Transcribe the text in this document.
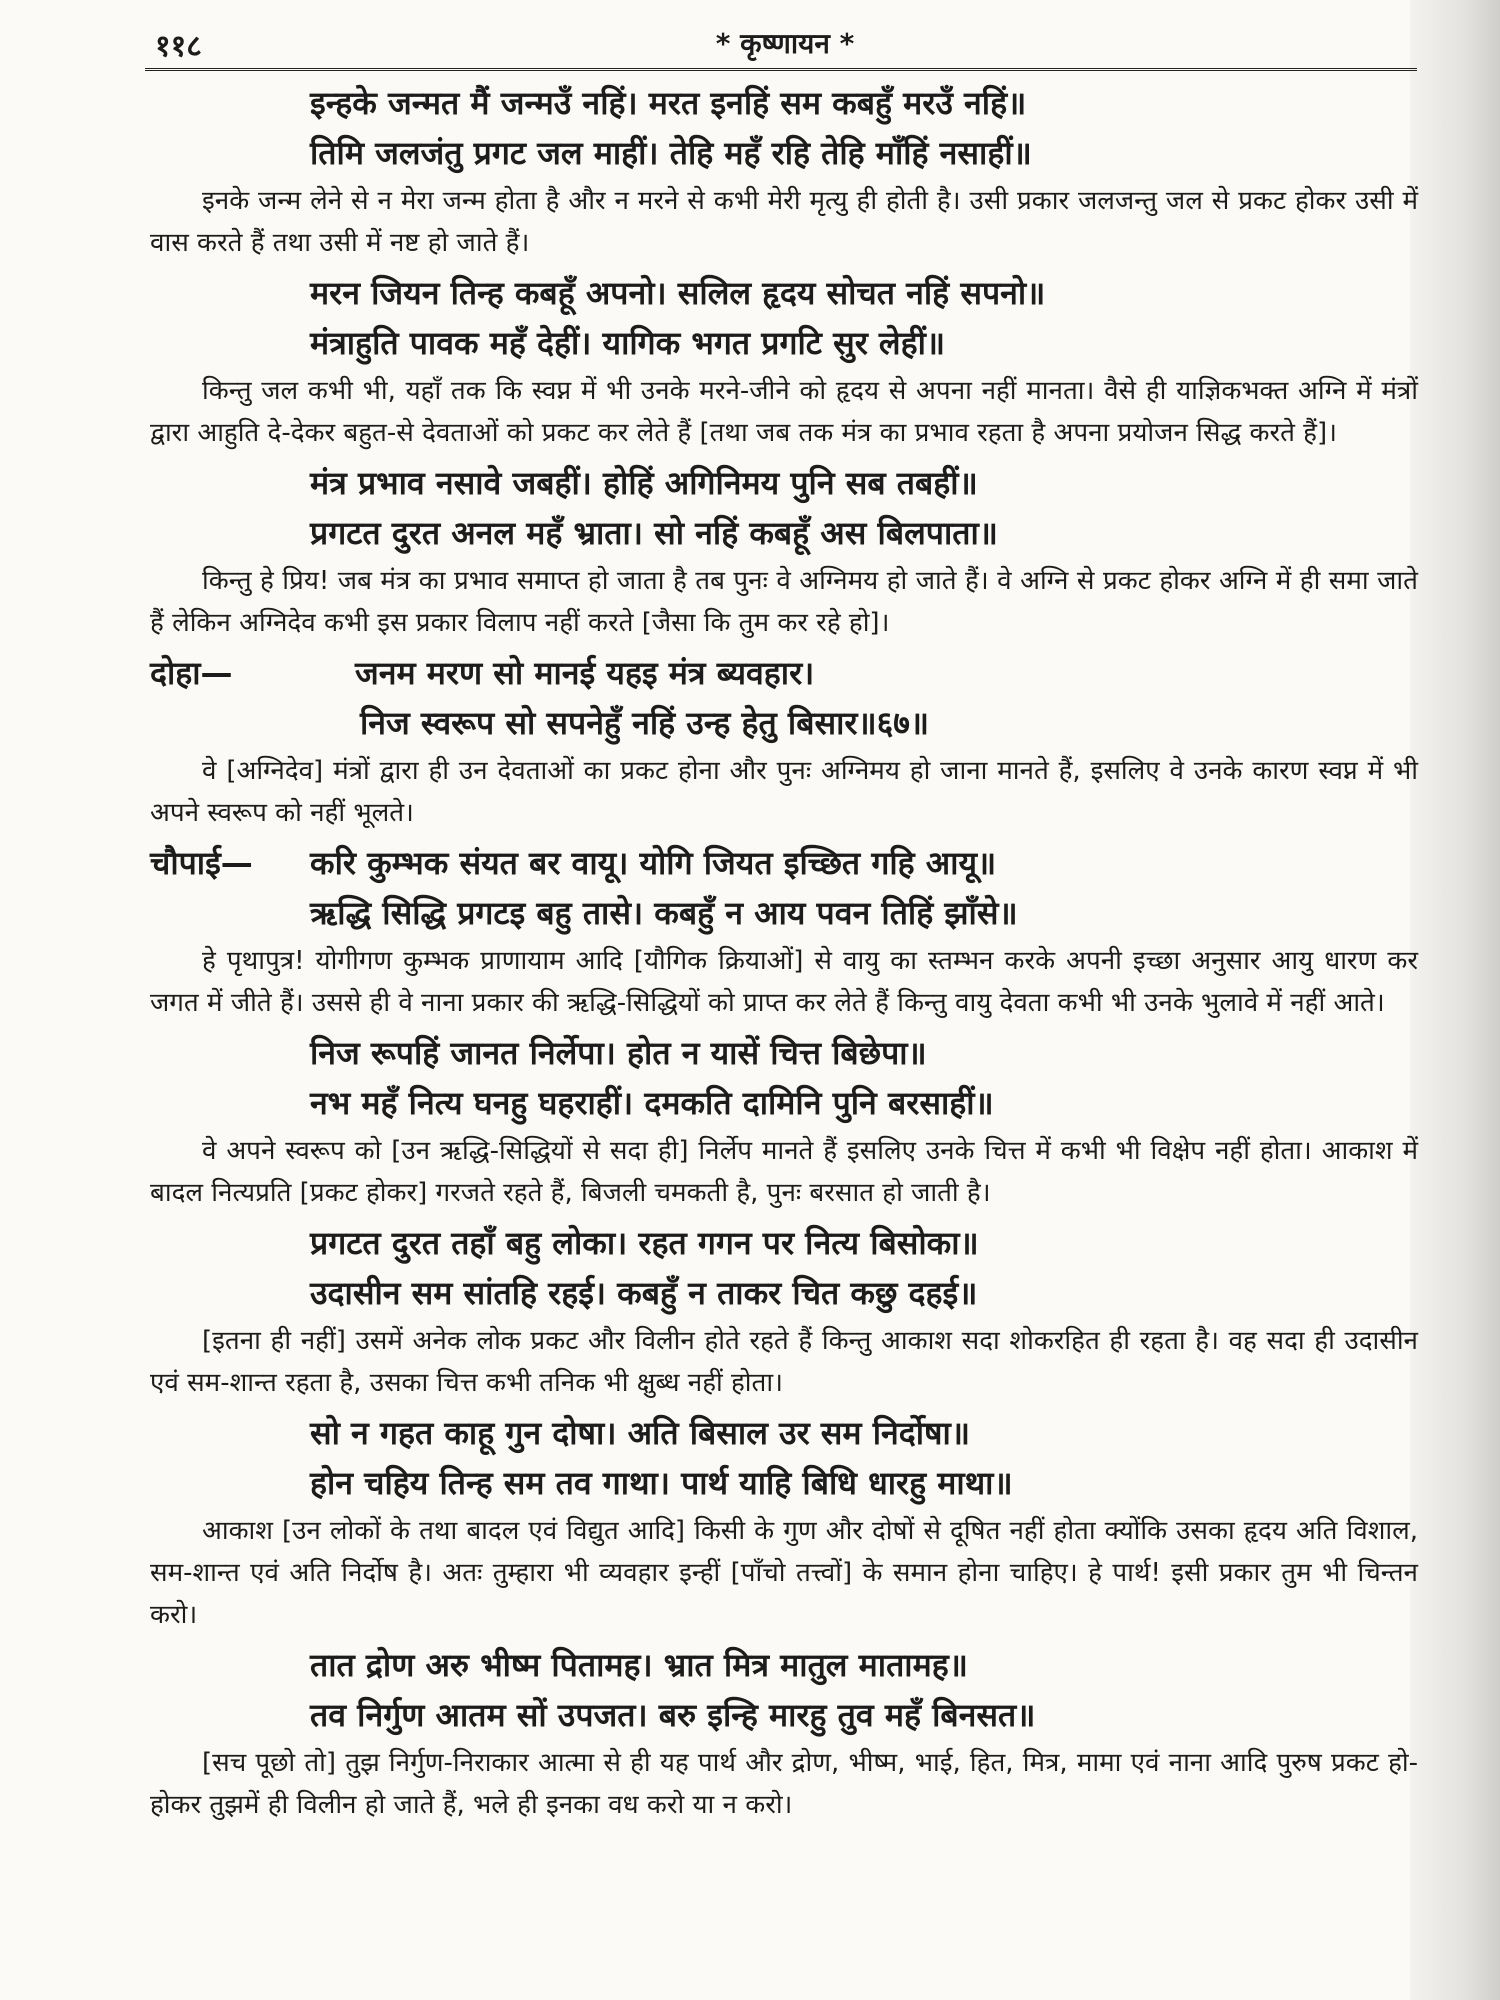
११८	* कृष्णायन *
इन्हके जन्मत मैं जन्मउँ नहिं। मरत इनहिं सम कबहुँ मरउँ नहिं॥
तिमि जलजंतु प्रगट जल माहीं। तेहि महँ रहि तेहि माँहिं नसाहीं॥

इनके जन्म लेने से न मेरा जन्म होता है और न मरने से कभी मेरी मृत्यु ही होती है। उसी प्रकार जलजन्तु जल से प्रकट होकर उसी में वास करते हैं तथा उसी में नष्ट हो जाते हैं।

मरन जियन तिन्ह कबहूँ अपनो। सलिल हृदय सोचत नहिं सपनो॥
मंत्राहुति पावक महँ देहीं। यागिक भगत प्रगटि सुर लेहीं॥

किन्तु जल कभी भी, यहाँ तक कि स्वप्न में भी उनके मरने-जीने को हृदय से अपना नहीं मानता। वैसे ही याज्ञिकभक्त अग्नि में मंत्रों द्वारा आहुति दे-देकर बहुत-से देवताओं को प्रकट कर लेते हैं [तथा जब तक मंत्र का प्रभाव रहता है अपना प्रयोजन सिद्ध करते हैं]।

मंत्र प्रभाव नसावे जबहीं। होहिं अगिनिमय पुनि सब तबहीं॥
प्रगटत दुरत अनल महँ भ्राता। सो नहिं कबहूँ अस बिलपाता॥

किन्तु हे प्रिय! जब मंत्र का प्रभाव समाप्त हो जाता है तब पुनः वे अग्निमय हो जाते हैं। वे अग्नि से प्रकट होकर अग्नि में ही समा जाते हैं लेकिन अग्निदेव कभी इस प्रकार विलाप नहीं करते [जैसा कि तुम कर रहे हो]।

दोहा—	जनम मरण सो मानई यहइ मंत्र ब्यवहार।
निज स्वरूप सो सपनेहुँ नहिं उन्ह हेतु बिसार॥६७॥

वे [अग्निदेव] मंत्रों द्वारा ही उन देवताओं का प्रकट होना और पुनः अग्निमय हो जाना मानते हैं, इसलिए वे उनके कारण स्वप्न में भी अपने स्वरूप को नहीं भूलते।

चौपाई—	करि कुम्भक संयत बर वायू। योगि जियत इच्छित गहि आयू॥
ऋद्धि सिद्धि प्रगटइ बहु तासे। कबहुँ न आय पवन तिहिं झाँसे॥

हे पृथापुत्र! योगीगण कुम्भक प्राणायाम आदि [यौगिक क्रियाओं] से वायु का स्तम्भन करके अपनी इच्छा अनुसार आयु धारण कर जगत में जीते हैं। उससे ही वे नाना प्रकार की ऋद्धि-सिद्धियों को प्राप्त कर लेते हैं किन्तु वायु देवता कभी भी उनके भुलावे में नहीं आते।

निज रूपहिं जानत निर्लेपा। होत न यासें चित्त बिछेपा॥
नभ महँ नित्य घनहु घहराहीं। दमकति दामिनि पुनि बरसाहीं॥

वे अपने स्वरूप को [उन ऋद्धि-सिद्धियों से सदा ही] निर्लेप मानते हैं इसलिए उनके चित्त में कभी भी विक्षेप नहीं होता। आकाश में बादल नित्यप्रति [प्रकट होकर] गरजते रहते हैं, बिजली चमकती है, पुनः बरसात हो जाती है।

प्रगटत दुरत तहाँ बहु लोका। रहत गगन पर नित्य बिसोका॥
उदासीन सम सांतहि रहई। कबहुँ न ताकर चित कछु दहई॥

[इतना ही नहीं] उसमें अनेक लोक प्रकट और विलीन होते रहते हैं किन्तु आकाश सदा शोकरहित ही रहता है। वह सदा ही उदासीन एवं सम-शान्त रहता है, उसका चित्त कभी तनिक भी क्षुब्ध नहीं होता।

सो न गहत काहू गुन दोषा। अति बिसाल उर सम निर्दोषा॥
होन चहिय तिन्ह सम तव गाथा। पार्थ याहि बिधि धारहु माथा॥

आकाश [उन लोकों के तथा बादल एवं विद्युत आदि] किसी के गुण और दोषों से दूषित नहीं होता क्योंकि उसका हृदय अति विशाल, सम-शान्त एवं अति निर्दोष है। अतः तुम्हारा भी व्यवहार इन्हीं [पाँचो तत्त्वों] के समान होना चाहिए। हे पार्थ! इसी प्रकार तुम भी चिन्तन करो।

तात द्रोण अरु भीष्म पितामह। भ्रात मित्र मातुल मातामह॥
तव निर्गुण आतम सों उपजत। बरु इन्हि मारहु तुव महँ बिनसत॥

[सच पूछो तो] तुझ निर्गुण-निराकार आत्मा से ही यह पार्थ और द्रोण, भीष्म, भाई, हित, मित्र, मामा एवं नाना आदि पुरुष प्रकट हो-होकर तुझमें ही विलीन हो जाते हैं, भले ही इनका वध करो या न करो।
